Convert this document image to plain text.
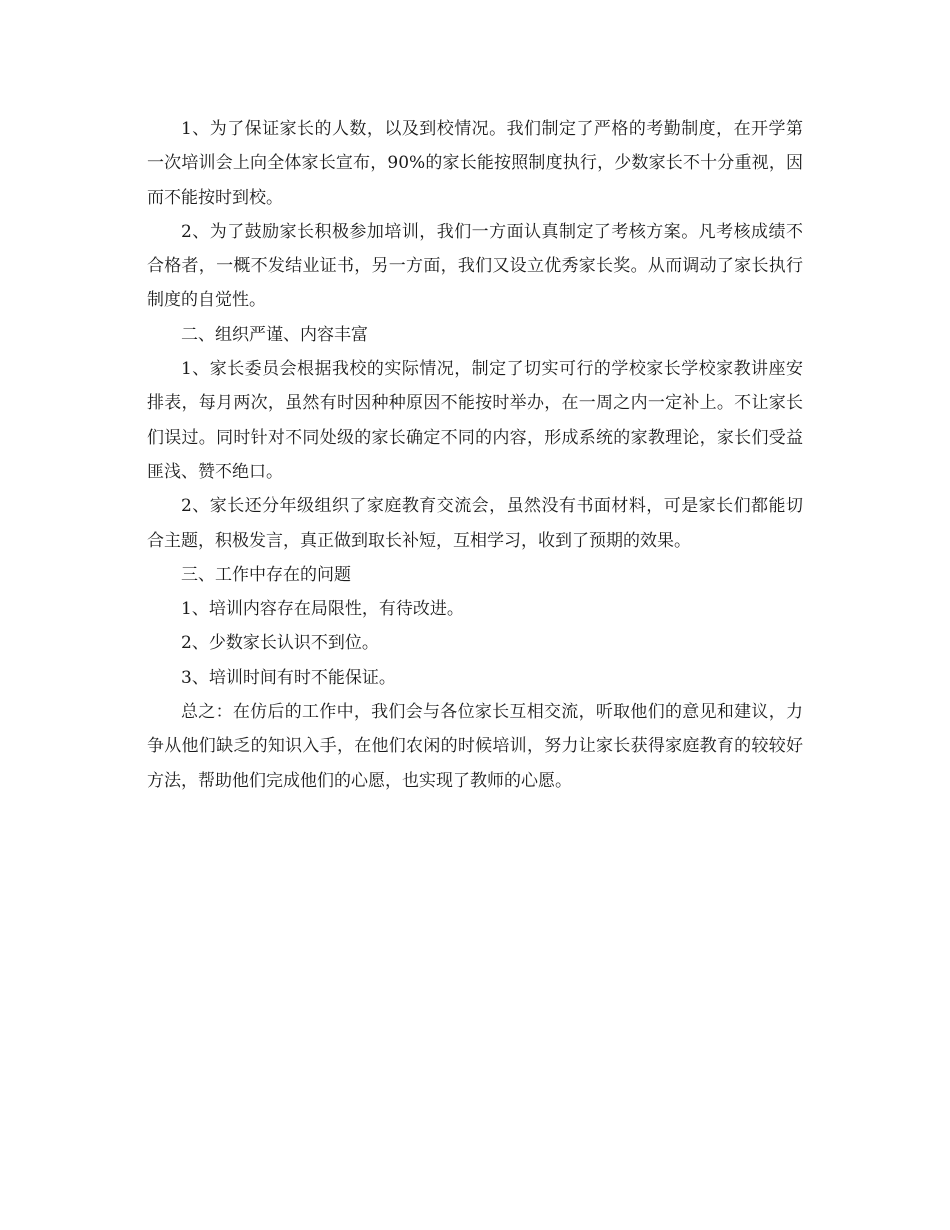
1、为了保证家长的人数，以及到校情况。我们制定了严格的考勤制度，在开学第一次培训会上向全体家长宣布，90%的家长能按照制度执行，少数家长不十分重视，因而不能按时到校。

2、为了鼓励家长积极参加培训，我们一方面认真制定了考核方案。凡考核成绩不合格者，一概不发结业证书，另一方面，我们又设立优秀家长奖。从而调动了家长执行制度的自觉性。

二、组织严谨、内容丰富

1、家长委员会根据我校的实际情况，制定了切实可行的学校家长学校家教讲座安排表，每月两次，虽然有时因种种原因不能按时举办，在一周之内一定补上。不让家长们误过。同时针对不同处级的家长确定不同的内容，形成系统的家教理论，家长们受益匪浅、赞不绝口。

2、家长还分年级组织了家庭教育交流会，虽然没有书面材料，可是家长们都能切合主题，积极发言，真正做到取长补短，互相学习，收到了预期的效果。

三、工作中存在的问题

1、培训内容存在局限性，有待改进。

2、少数家长认识不到位。

3、培训时间有时不能保证。

总之：在仿后的工作中，我们会与各位家长互相交流，听取他们的意见和建议，力争从他们缺乏的知识入手，在他们农闲的时候培训，努力让家长获得家庭教育的较较好方法，帮助他们完成他们的心愿，也实现了教师的心愿。
